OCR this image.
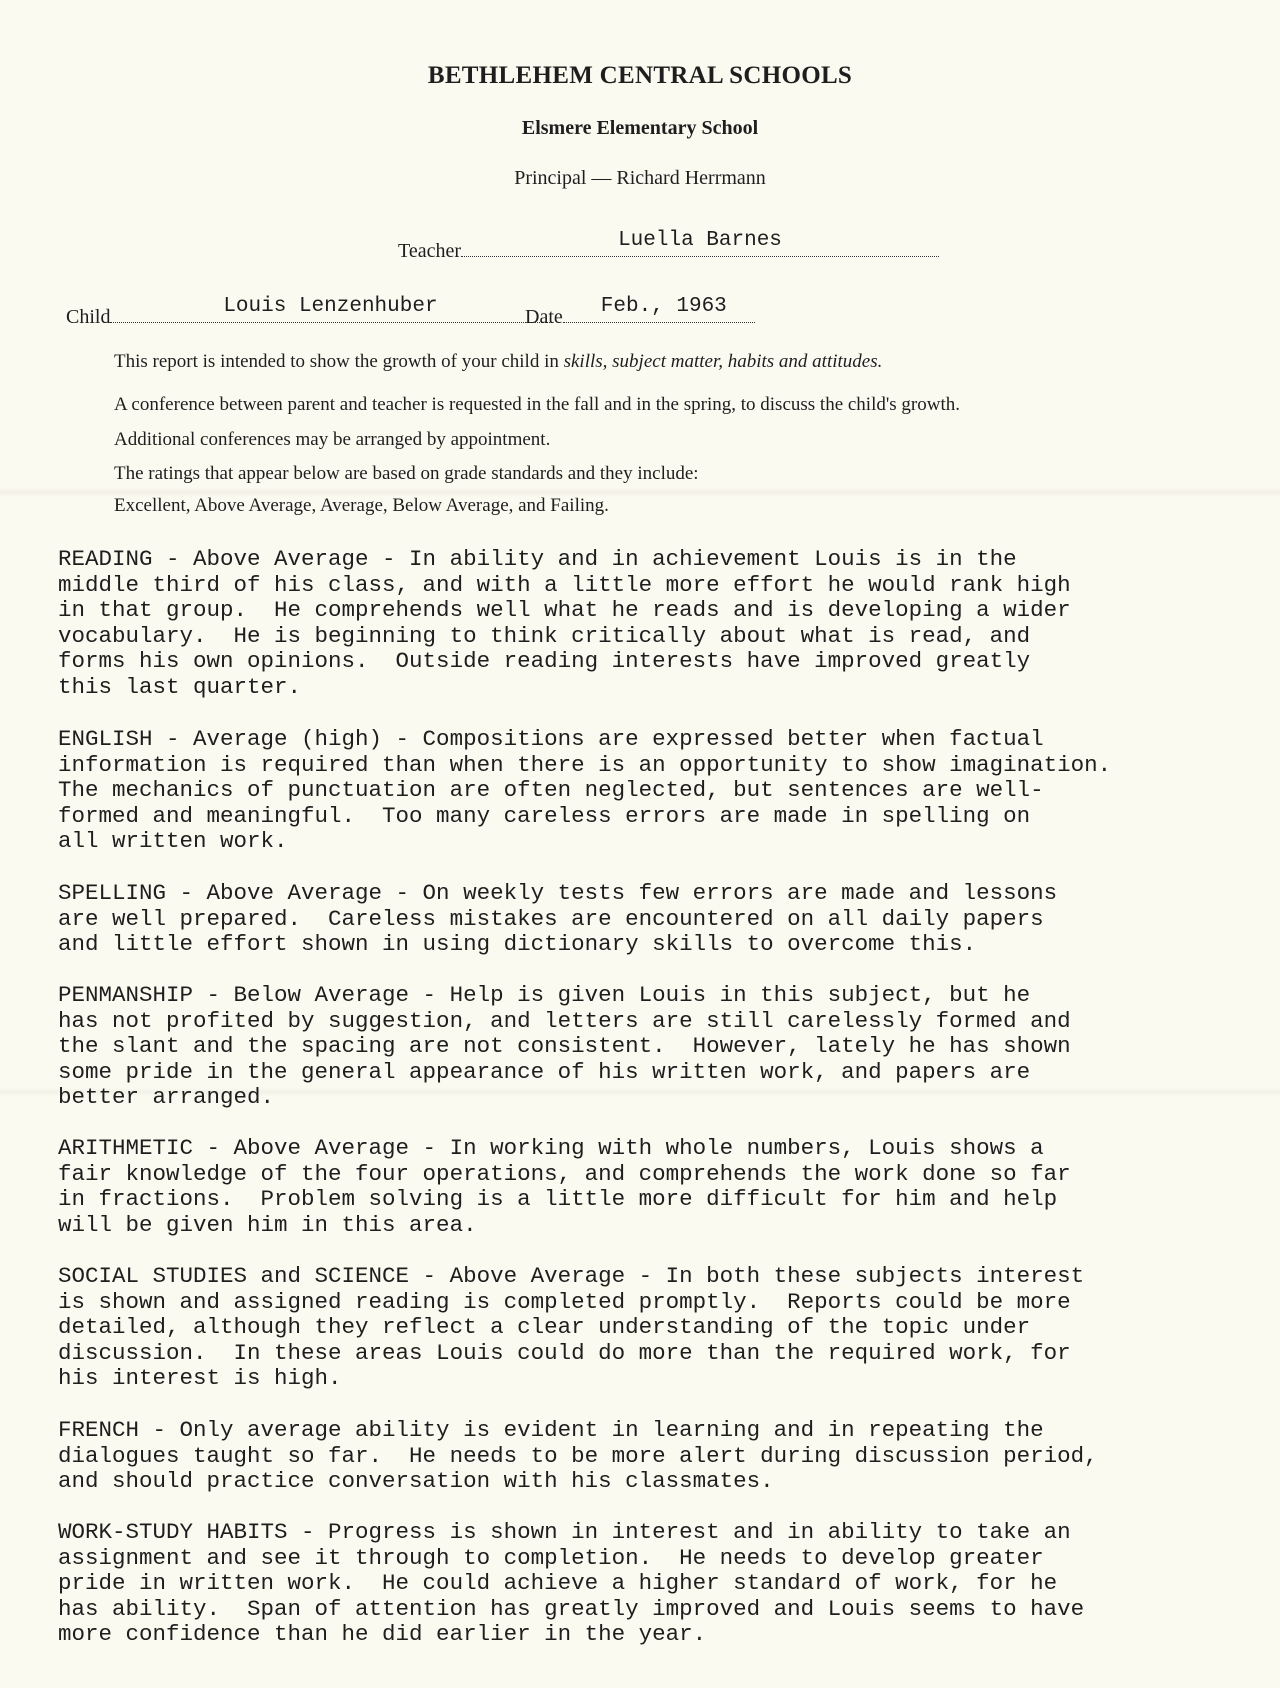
BETHLEHEM CENTRAL SCHOOLS
Elsmere Elementary School
Principal — Richard Herrmann
Teacher	Luella Barnes
Child	Louis Lenzenhuber	Date	Feb., 1963
This report is intended to show the growth of your child in skills, subject matter, habits and attitudes.
A conference between parent and teacher is requested in the fall and in the spring, to discuss the child's growth.
Additional conferences may be arranged by appointment.
The ratings that appear below are based on grade standards and they include:
Excellent, Above Average, Average, Below Average, and Failing.
READING - Above Average - In ability and in achievement Louis is in the
middle third of his class, and with a little more effort he would rank high
in that group.  He comprehends well what he reads and is developing a wider
vocabulary.  He is beginning to think critically about what is read, and
forms his own opinions.  Outside reading interests have improved greatly
this last quarter.
ENGLISH - Average (high) - Compositions are expressed better when factual
information is required than when there is an opportunity to show imagination.
The mechanics of punctuation are often neglected, but sentences are well-
formed and meaningful.  Too many careless errors are made in spelling on
all written work.
SPELLING - Above Average - On weekly tests few errors are made and lessons
are well prepared.  Careless mistakes are encountered on all daily papers
and little effort shown in using dictionary skills to overcome this.
PENMANSHIP - Below Average - Help is given Louis in this subject, but he
has not profited by suggestion, and letters are still carelessly formed and
the slant and the spacing are not consistent.  However, lately he has shown
some pride in the general appearance of his written work, and papers are
better arranged.
ARITHMETIC - Above Average - In working with whole numbers, Louis shows a
fair knowledge of the four operations, and comprehends the work done so far
in fractions.  Problem solving is a little more difficult for him and help
will be given him in this area.
SOCIAL STUDIES and SCIENCE - Above Average - In both these subjects interest
is shown and assigned reading is completed promptly.  Reports could be more
detailed, although they reflect a clear understanding of the topic under
discussion.  In these areas Louis could do more than the required work, for
his interest is high.
FRENCH - Only average ability is evident in learning and in repeating the
dialogues taught so far.  He needs to be more alert during discussion period,
and should practice conversation with his classmates.
WORK-STUDY HABITS - Progress is shown in interest and in ability to take an
assignment and see it through to completion.  He needs to develop greater
pride in written work.  He could achieve a higher standard of work, for he
has ability.  Span of attention has greatly improved and Louis seems to have
more confidence than he did earlier in the year.
